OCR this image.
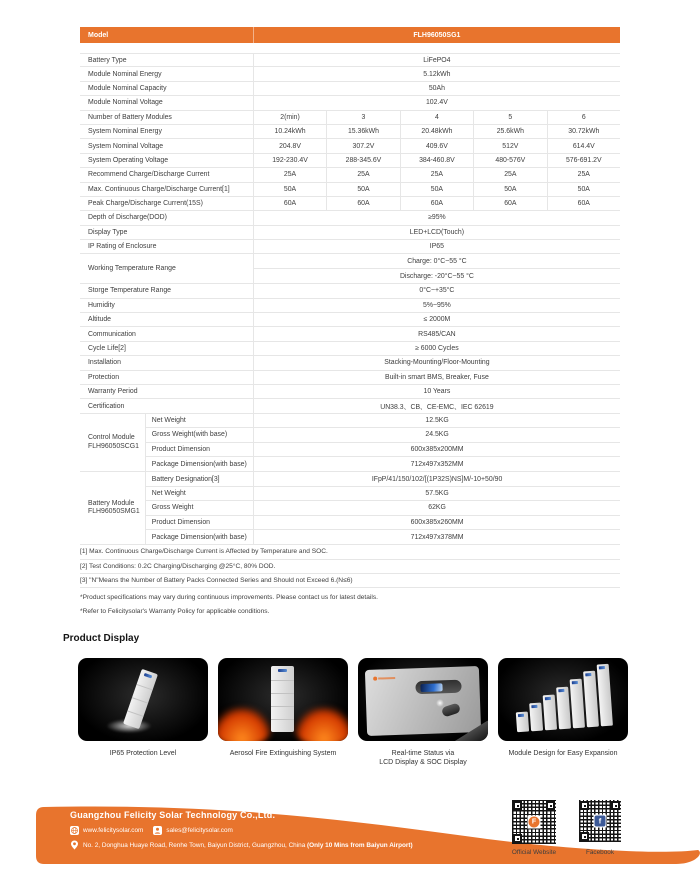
Model	FLH96050SG1
Battery Type	LiFePO4
Module Nominal Energy	5.12kWh
Module Nominal Capacity	50Ah
Module Nominal Voltage	102.4V
Number of Battery Modules	2(min)	3	4	5	6
System Nominal Energy	10.24kWh	15.36kWh	20.48kWh	25.6kWh	30.72kWh
System Nominal Voltage	204.8V	307.2V	409.6V	512V	614.4V
System Operating Voltage	192-230.4V	288-345.6V	384-460.8V	480-576V	576-691.2V
Recommend Charge/Discharge Current	25A	25A	25A	25A	25A
Max. Continuous Charge/Discharge Current[1]	50A	50A	50A	50A	50A
Peak Charge/Discharge Current(15S)	60A	60A	60A	60A	60A
Depth of Discharge(DOD)	≥95%
Display Type	LED+LCD(Touch)
IP Rating of Enclosure	IP65
Working Temperature Range
Charge: 0°C~55 °C
Discharge: -20°C~55 °C
Storge Temperature Range	0°C~+35°C
Humidity	5%~95%
Altitude	≤ 2000M
Communication	RS485/CAN
Cycle Life[2]	≥ 6000 Cycles
Installation	Stacking-Mounting/Floor-Mounting
Protection	Built-in smart BMS, Breaker, Fuse
Warranty Period	10 Years
Certification	UN38.3、CB、CE-EMC、IEC 62619
Control Module
FLH96050SCG1
Net Weight	12.5KG
Gross Weight(with base)	24.5KG
Product Dimension	600x385x200MM
Package Dimension(with base)	712x497x352MM
Battery Module
FLH96050SMG1
Battery Designation[3]	IFpP/41/150/102/[(1P32S)NS]M/-10+50/90
Net Weight	57.5KG
Gross Weight	62KG
Product Dimension	600x385x260MM
Package Dimension(with base)	712x497x378MM
[1] Max. Continuous Charge/Discharge Current is Affected by Temperature and SOC.
[2] Test Conditions: 0.2C Charging/Discharging @25°C, 80% DOD.
[3] "N"Means the Number of Battery Packs Connected Series and Should not Exceed 6.(N≤6)
*Product specifications may vary during continuous improvements. Please contact us for latest details.
*Refer to Felicitysolar's Warranty Policy for applicable conditions.
Product Display
IP65 Protection Level	Aerosol Fire Extinguishing System	Real-time Status via
LCD Display & SOC Display
Module Design for Easy Expansion
Guangzhou Felicity Solar Technology Co.,Ltd.
www.felicitysolar.com	sales@felicitysolar.com
No. 2, Donghua Huaye Road, Renhe Town, Baiyun District, Guangzhou, China (Only 10 Mins from Baiyun Airport)
F	f
Official Website	Facebook
